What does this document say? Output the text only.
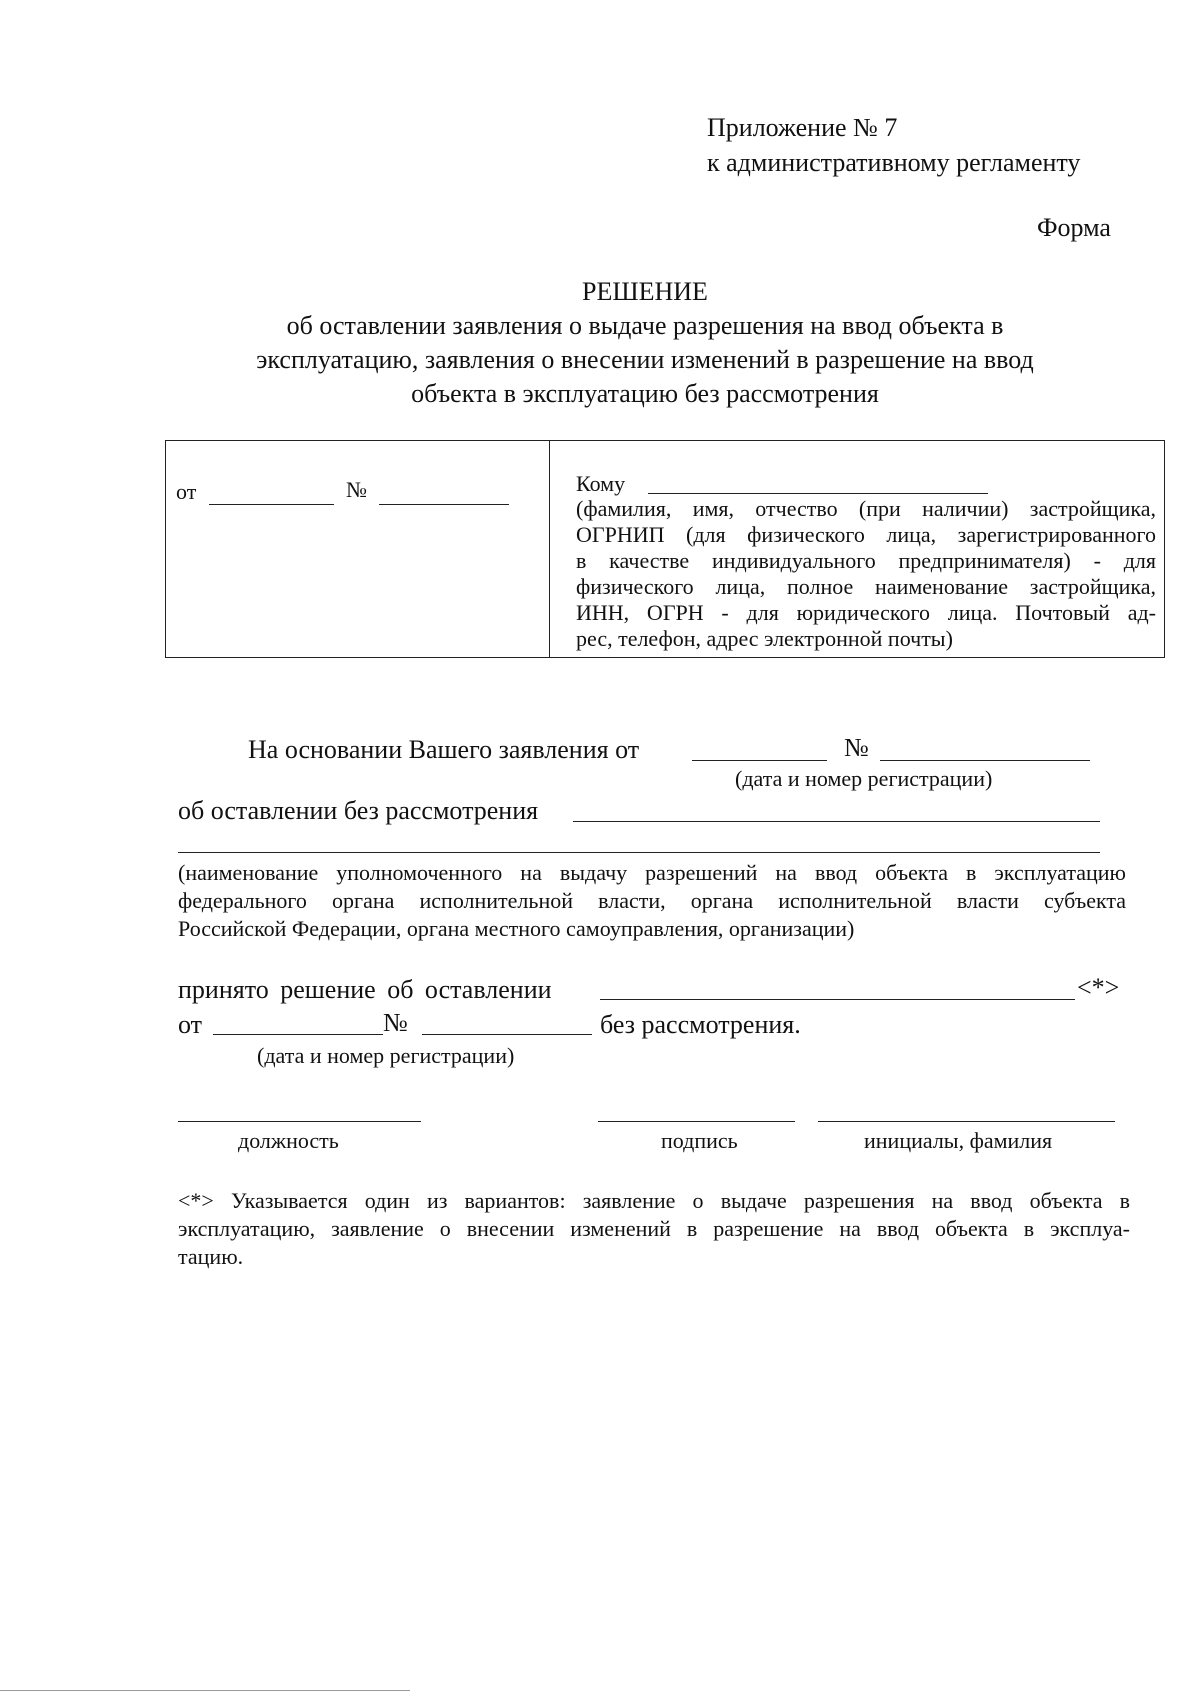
Приложение № 7
к административному регламенту
Форма
РЕШЕНИЕ
об оставлении заявления о выдаче разрешения на ввод объекта в
эксплуатацию, заявления о внесении изменений в разрешение на ввод
объекта в эксплуатацию без рассмотрения
от	№	Кому
(фамилия, имя, отчество (при наличии) застройщика,
ОГРНИП (для физического лица, зарегистрированного
в качестве индивидуального предпринимателя) - для
физического лица, полное наименование застройщика,
ИНН, ОГРН - для юридического лица. Почтовый ад-
рес, телефон, адрес электронной почты)
На основании Вашего заявления от	№
(дата и номер регистрации)
об оставлении без рассмотрения
(наименование уполномоченного на выдачу разрешений на ввод объекта в эксплуатацию
федерального органа исполнительной власти, органа исполнительной власти субъекта
Российской Федерации, органа местного самоуправления, организации)
принято решение об оставлении	<*>
от	№	без рассмотрения.
(дата и номер регистрации)
должность	подпись	инициалы, фамилия
<*> Указывается один из вариантов: заявление о выдаче разрешения на ввод объекта в
эксплуатацию, заявление о внесении изменений в разрешение на ввод объекта в эксплуа-
тацию.
